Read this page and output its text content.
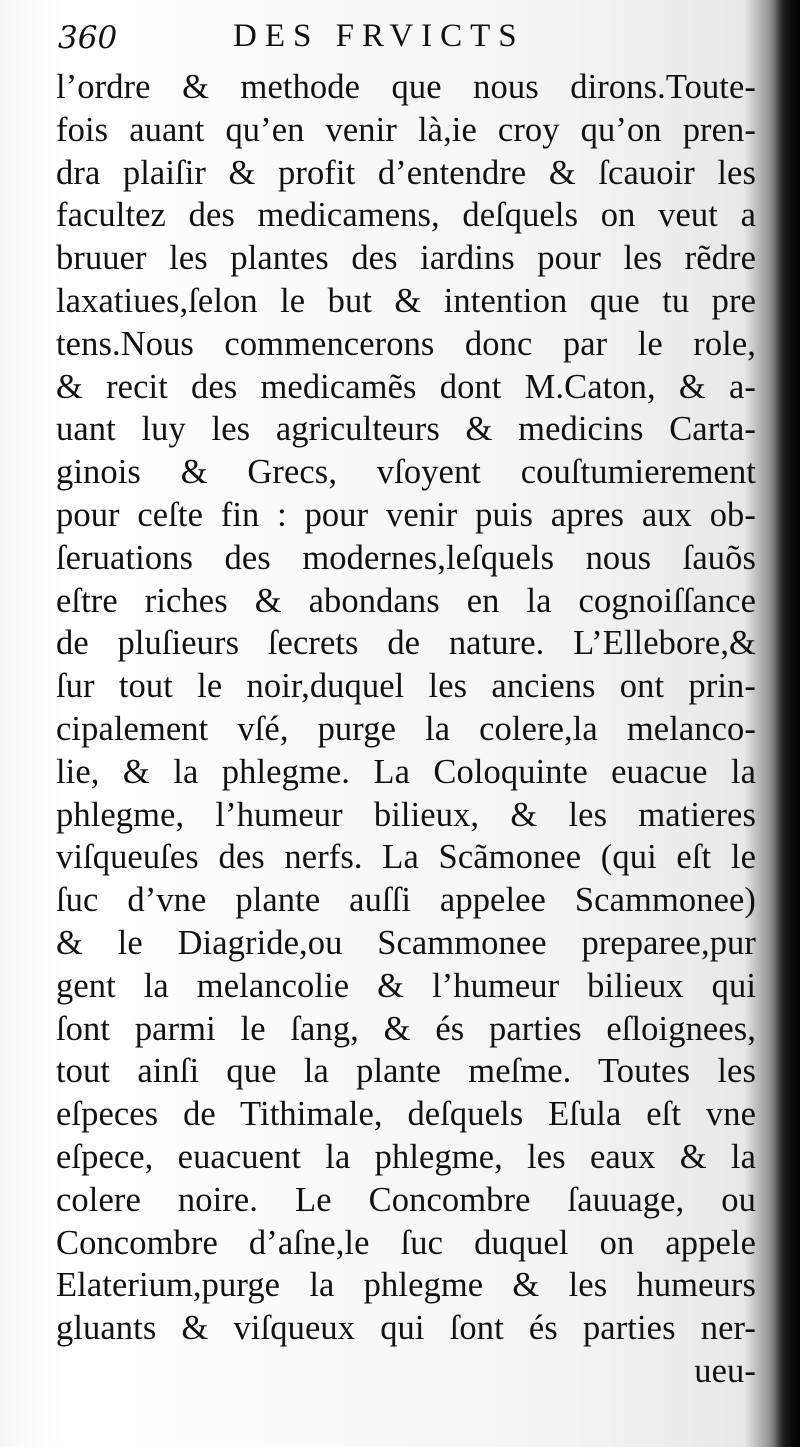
360	DES FRVICTS
l’ordre & methode que nous dirons.Toute-
fois auant qu’en venir là,ie croy qu’on pren-
dra plaiſir & profit d’entendre & ſcauoir les
facultez des medicamens, deſquels on veut a
bruuer les plantes des iardins pour les rẽdre
laxatiues,ſelon le but & intention que tu pre
tens.Nous commencerons donc par le role,
& recit des medicamẽs dont M.Caton, & a-
uant luy les agriculteurs & medicins Carta-
ginois & Grecs, vſoyent couſtumierement
pour ceſte fin : pour venir puis apres aux ob-
ſeruations des modernes,leſquels nous ſauõs
eſtre riches & abondans en la cognoiſſance
de pluſieurs ſecrets de nature. L’Ellebore,&
ſur tout le noir,duquel les anciens ont prin-
cipalement vſé, purge la colere,la melanco-
lie, & la phlegme. La Coloquinte euacue la
phlegme, l’humeur bilieux, & les matieres
viſqueuſes des nerfs. La Scãmonee (qui eſt le
ſuc d’vne plante auſſi appelee Scammonee)
& le Diagride,ou Scammonee preparee,pur
gent la melancolie & l’humeur bilieux qui
ſont parmi le ſang, & és parties eſloignees,
tout ainſi que la plante meſme. Toutes les
eſpeces de Tithimale, deſquels Eſula eſt vne
eſpece, euacuent la phlegme, les eaux & la
colere noire. Le Concombre ſauuage, ou
Concombre d’aſne,le ſuc duquel on appele
Elaterium,purge la phlegme & les humeurs
gluants & viſqueux qui ſont és parties ner-
ueu-
